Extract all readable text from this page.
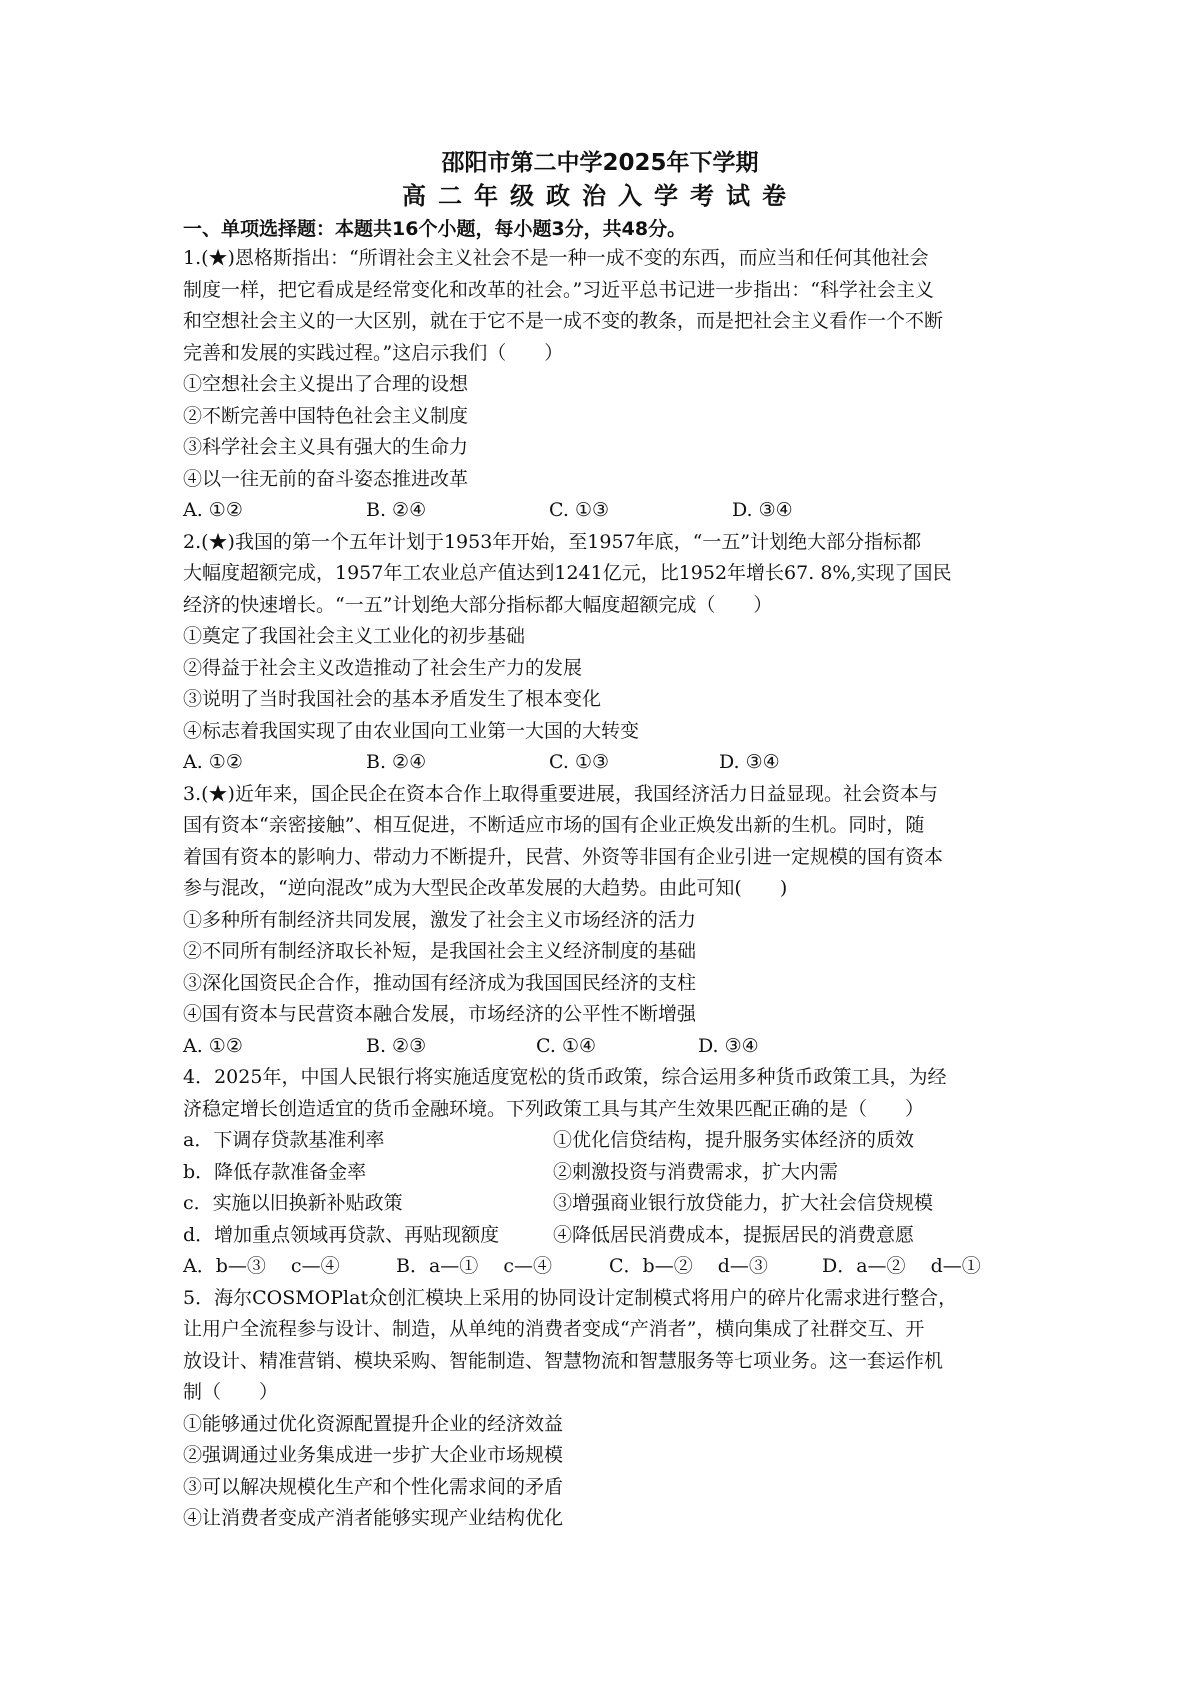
邵阳市第二中学2025年下学期
高二年级政治入学考试卷
一、单项选择题：本题共16个小题，每小题3分，共48分。
1.(★)恩格斯指出：“所谓社会主义社会不是一种一成不变的东西，而应当和任何其他社会
制度一样，把它看成是经常变化和改革的社会。”习近平总书记进一步指出：“科学社会主义
和空想社会主义的一大区别，就在于它不是一成不变的教条，而是把社会主义看作一个不断
完善和发展的实践过程。”这启示我们（　　）
①空想社会主义提出了合理的设想
②不断完善中国特色社会主义制度
③科学社会主义具有强大的生命力
④以一往无前的奋斗姿态推进改革
A. ①②	B. ②④	C. ①③	D. ③④
2.(★)我国的第一个五年计划于1953年开始，至1957年底，“一五”计划绝大部分指标都
大幅度超额完成，1957年工农业总产值达到1241亿元，比1952年增长67. 8%,实现了国民
经济的快速增长。“一五”计划绝大部分指标都大幅度超额完成（　　）
①奠定了我国社会主义工业化的初步基础
②得益于社会主义改造推动了社会生产力的发展
③说明了当时我国社会的基本矛盾发生了根本变化
④标志着我国实现了由农业国向工业第一大国的大转变
A. ①②	B. ②④	C. ①③	D. ③④
3.(★)近年来，国企民企在资本合作上取得重要进展，我国经济活力日益显现。社会资本与
国有资本“亲密接触”、相互促进，不断适应市场的国有企业正焕发出新的生机。同时，随
着国有资本的影响力、带动力不断提升，民营、外资等非国有企业引进一定规模的国有资本
参与混改，“逆向混改”成为大型民企改革发展的大趋势。由此可知(　　)
①多种所有制经济共同发展，激发了社会主义市场经济的活力
②不同所有制经济取长补短，是我国社会主义经济制度的基础
③深化国资民企合作，推动国有经济成为我国国民经济的支柱
④国有资本与民营资本融合发展，市场经济的公平性不断增强
A. ①②	B. ②③	C. ①④	D. ③④
4．2025年，中国人民银行将实施适度宽松的货币政策，综合运用多种货币政策工具，为经
济稳定增长创造适宜的货币金融环境。下列政策工具与其产生效果匹配正确的是（　　）
a．下调存贷款基准利率	①优化信贷结构，提升服务实体经济的质效
b．降低存款准备金率	②刺激投资与消费需求，扩大内需
c．实施以旧换新补贴政策	③增强商业银行放贷能力，扩大社会信贷规模
d．增加重点领域再贷款、再贴现额度	④降低居民消费成本，提振居民的消费意愿
A．b—③　 c—④	B．a—①　 c—④	C．b—②　 d—③	D．a—②　 d—①
5．海尔COSMOPlat众创汇模块上采用的协同设计定制模式将用户的碎片化需求进行整合，
让用户全流程参与设计、制造，从单纯的消费者变成“产消者”，横向集成了社群交互、开
放设计、精准营销、模块采购、智能制造、智慧物流和智慧服务等七项业务。这一套运作机
制（　　）
①能够通过优化资源配置提升企业的经济效益
②强调通过业务集成进一步扩大企业市场规模
③可以解决规模化生产和个性化需求间的矛盾
④让消费者变成产消者能够实现产业结构优化
